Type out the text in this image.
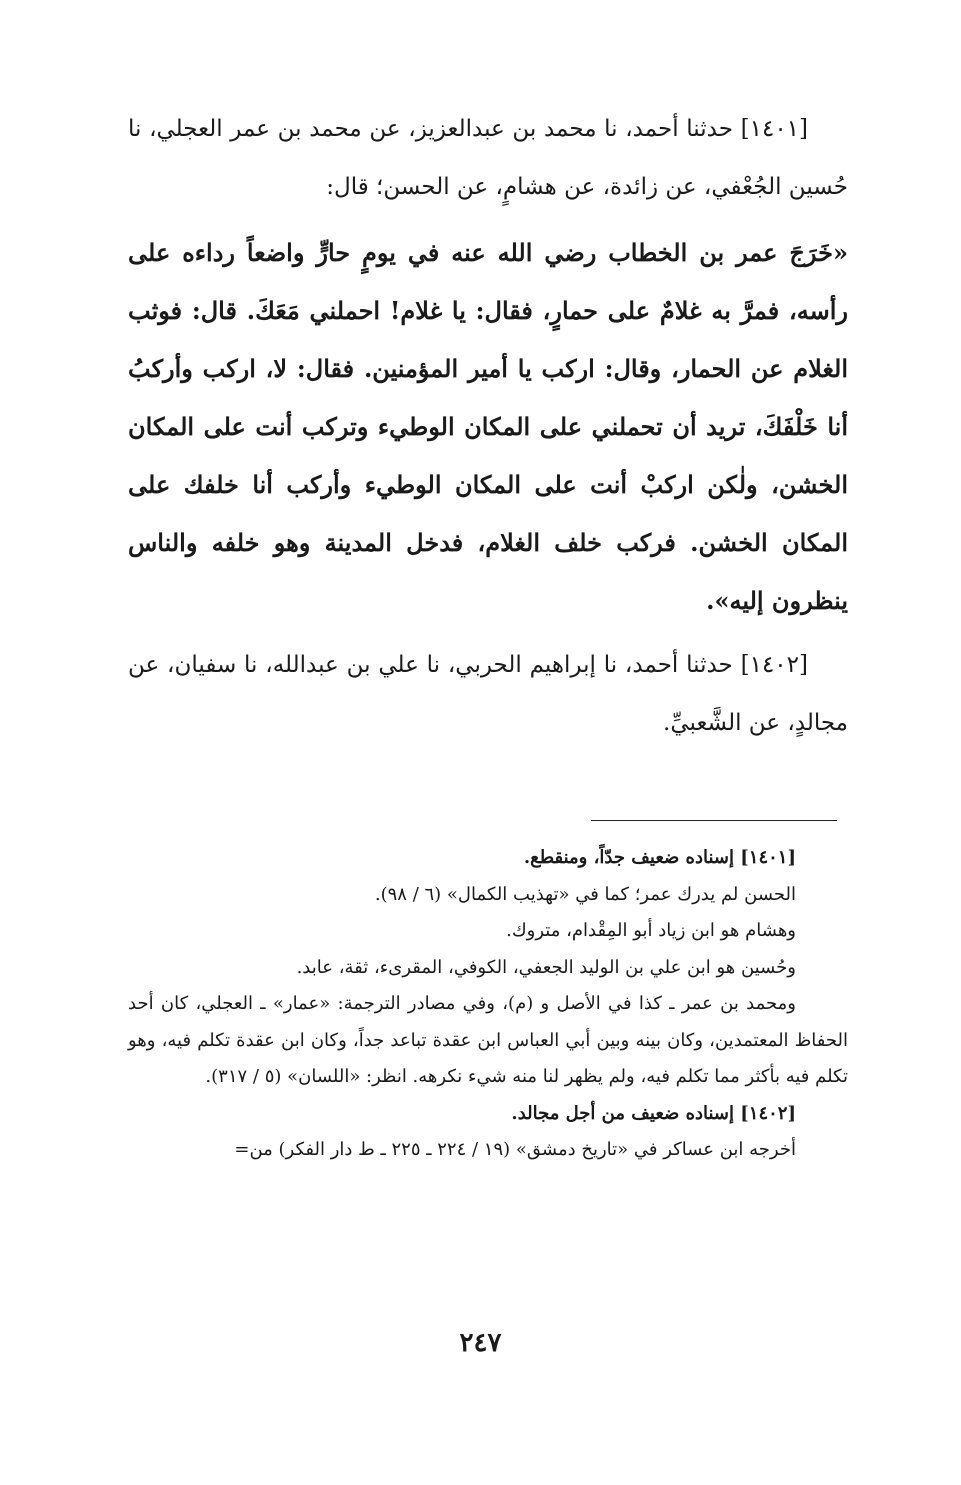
[١٤٠١] حدثنا أحمد، نا محمد بن عبدالعزيز، عن محمد بن عمر العجلي، نا حُسين الجُعْفي، عن زائدة، عن هشامٍ، عن الحسن؛ قال:

«خَرَجَ عمر بن الخطاب رضي الله عنه في يومٍ حارٍّ واضعاً رداءه على رأسه، فمرَّ به غلامٌ على حمارٍ، فقال: يا غلام! احملني مَعَكَ. قال: فوثب الغلام عن الحمار، وقال: اركب يا أمير المؤمنين. فقال: لا، اركب وأركبُ أنا خَلْفَكَ، تريد أن تحملني على المكان الوطيء وتركب أنت على المكان الخشن، ولٰكن اركبْ أنت على المكان الوطيء وأركب أنا خلفك على المكان الخشن. فركب خلف الغلام، فدخل المدينة وهو خلفه والناس ينظرون إليه».

[١٤٠٢] حدثنا أحمد، نا إبراهيم الحربي، نا علي بن عبدالله، نا سفيان، عن مجالدٍ، عن الشَّعبيِّ.

[١٤٠١] إسناده ضعيف جدّاً، ومنقطع.

الحسن لم يدرك عمر؛ كما في «تهذيب الكمال» (٦ / ٩٨).

وهشام هو ابن زياد أبو المِقْدام، متروك.

وحُسين هو ابن علي بن الوليد الجعفي، الكوفي، المقرىء، ثقة، عابد.

ومحمد بن عمر ـ كذا في الأصل و (م)، وفي مصادر الترجمة: «عمار» ـ العجلي، كان أحد الحفاظ المعتمدين، وكان بينه وبين أبي العباس ابن عقدة تباعد جداً، وكان ابن عقدة تكلم فيه، وهو تكلم فيه بأكثر مما تكلم فيه، ولم يظهر لنا منه شيء نكرهه. انظر: «اللسان» (٥ / ٣١٧).

[١٤٠٢] إسناده ضعيف من أجل مجالد.

أخرجه ابن عساكر في «تاريخ دمشق» (١٩ / ٢٢٤ ـ ٢٢٥ ـ ط دار الفكر) من=

٢٤٧
